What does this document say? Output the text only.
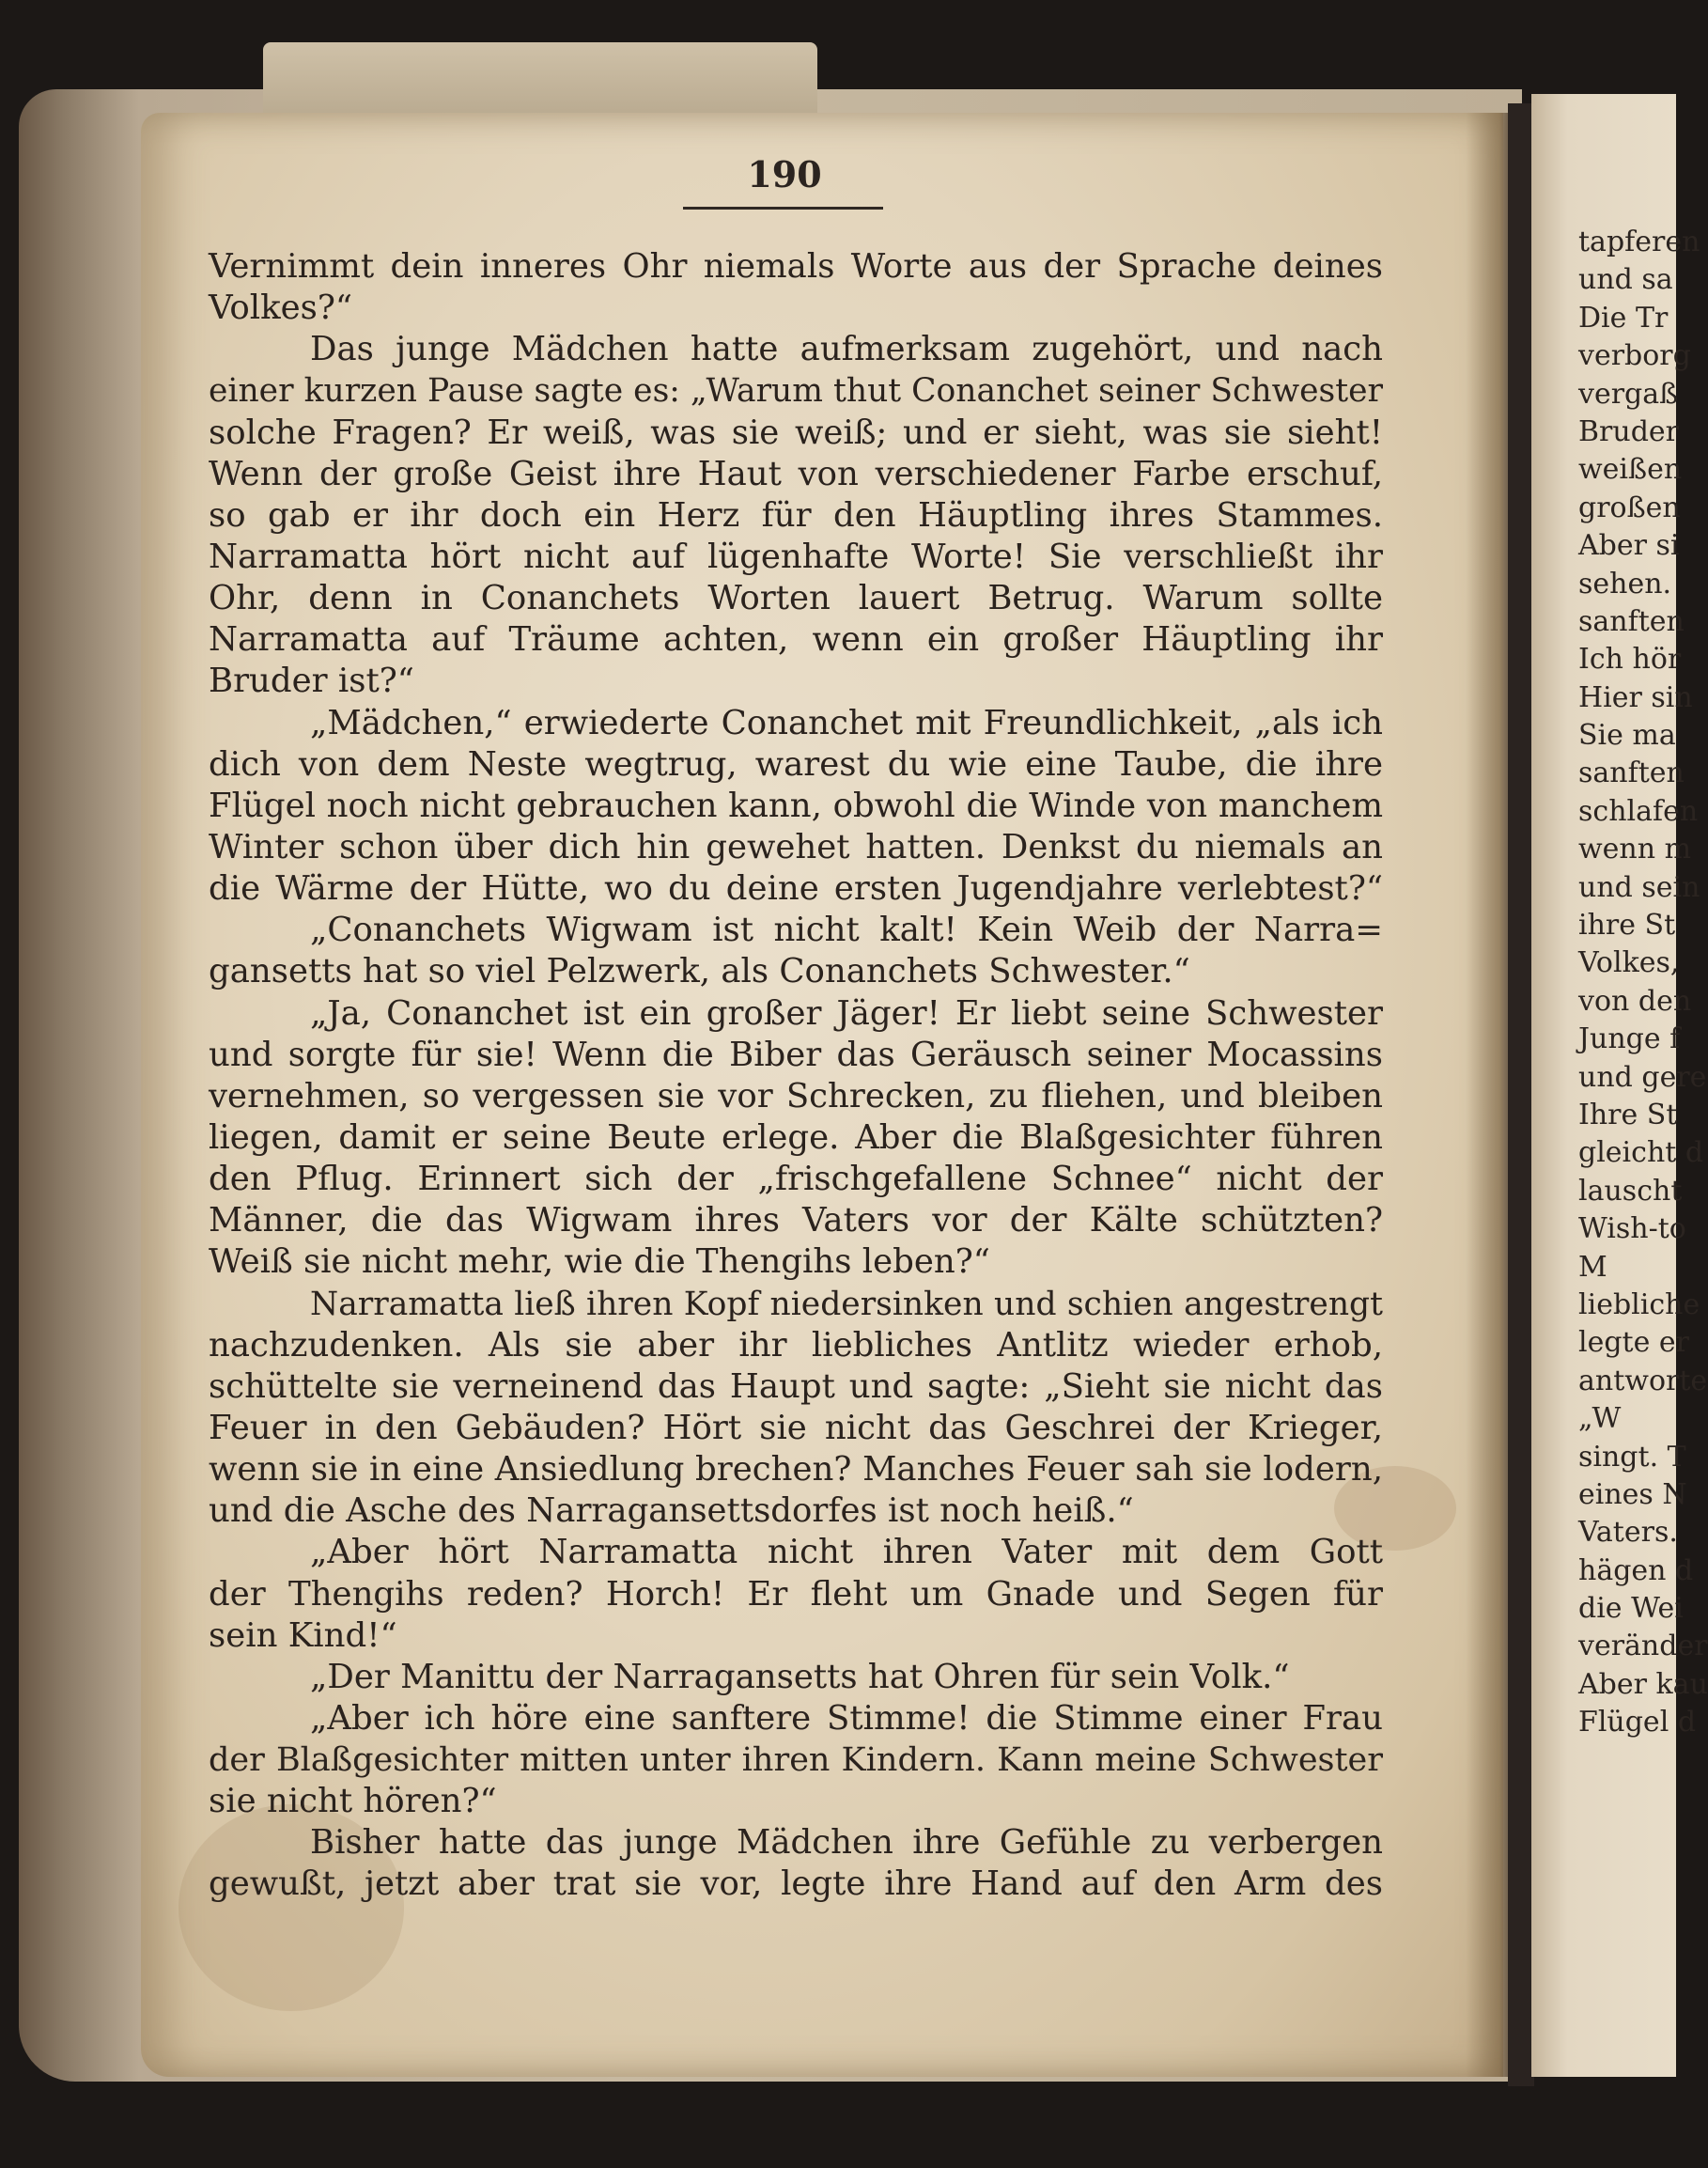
tapferen
und sa
Die Tr
verborg
vergaß
Bruder
weißen
großen
Aber si
sehen.
sanften
Ich hör
Hier sin
Sie ma
sanften
schlafen
wenn m
und sein
ihre St
Volkes,
von den
Junge f
und gere
Ihre St
gleicht d
lauscht
Wish-to
M
liebliche
legte er
antworte
„W
singt. T
eines N
Vaters.
hägen d
die Wei
veränder
Aber kau
Flügel d
190
Vernimmt dein inneres Ohr niemals Worte aus der Sprache deines
Volkes?“
Das junge Mädchen hatte aufmerksam zugehört, und nach
einer kurzen Pause sagte es: „Warum thut Conanchet seiner Schwester
solche Fragen? Er weiß, was sie weiß; und er sieht, was sie sieht!
Wenn der große Geist ihre Haut von verschiedener Farbe erschuf,
so gab er ihr doch ein Herz für den Häuptling ihres Stammes.
Narramatta hört nicht auf lügenhafte Worte! Sie verschließt ihr
Ohr, denn in Conanchets Worten lauert Betrug. Warum sollte
Narramatta auf Träume achten, wenn ein großer Häuptling ihr
Bruder ist?“
„Mädchen,“ erwiederte Conanchet mit Freundlichkeit, „als ich
dich von dem Neste wegtrug, warest du wie eine Taube, die ihre
Flügel noch nicht gebrauchen kann, obwohl die Winde von manchem
Winter schon über dich hin gewehet hatten. Denkst du niemals an
die Wärme der Hütte, wo du deine ersten Jugendjahre verlebtest?“
„Conanchets Wigwam ist nicht kalt! Kein Weib der Narra=
gansetts hat so viel Pelzwerk, als Conanchets Schwester.“
„Ja, Conanchet ist ein großer Jäger! Er liebt seine Schwester
und sorgte für sie! Wenn die Biber das Geräusch seiner Mocassins
vernehmen, so vergessen sie vor Schrecken, zu fliehen, und bleiben
liegen, damit er seine Beute erlege. Aber die Blaßgesichter führen
den Pflug. Erinnert sich der „frischgefallene Schnee“ nicht der
Männer, die das Wigwam ihres Vaters vor der Kälte schützten?
Weiß sie nicht mehr, wie die Thengihs leben?“
Narramatta ließ ihren Kopf niedersinken und schien angestrengt
nachzudenken. Als sie aber ihr liebliches Antlitz wieder erhob,
schüttelte sie verneinend das Haupt und sagte: „Sieht sie nicht das
Feuer in den Gebäuden? Hört sie nicht das Geschrei der Krieger,
wenn sie in eine Ansiedlung brechen? Manches Feuer sah sie lodern,
und die Asche des Narragansettsdorfes ist noch heiß.“
„Aber hört Narramatta nicht ihren Vater mit dem Gott
der Thengihs reden? Horch! Er fleht um Gnade und Segen für
sein Kind!“
„Der Manittu der Narragansetts hat Ohren für sein Volk.“
„Aber ich höre eine sanftere Stimme! die Stimme einer Frau
der Blaßgesichter mitten unter ihren Kindern. Kann meine Schwester
sie nicht hören?“
Bisher hatte das junge Mädchen ihre Gefühle zu verbergen
gewußt, jetzt aber trat sie vor, legte ihre Hand auf den Arm des
